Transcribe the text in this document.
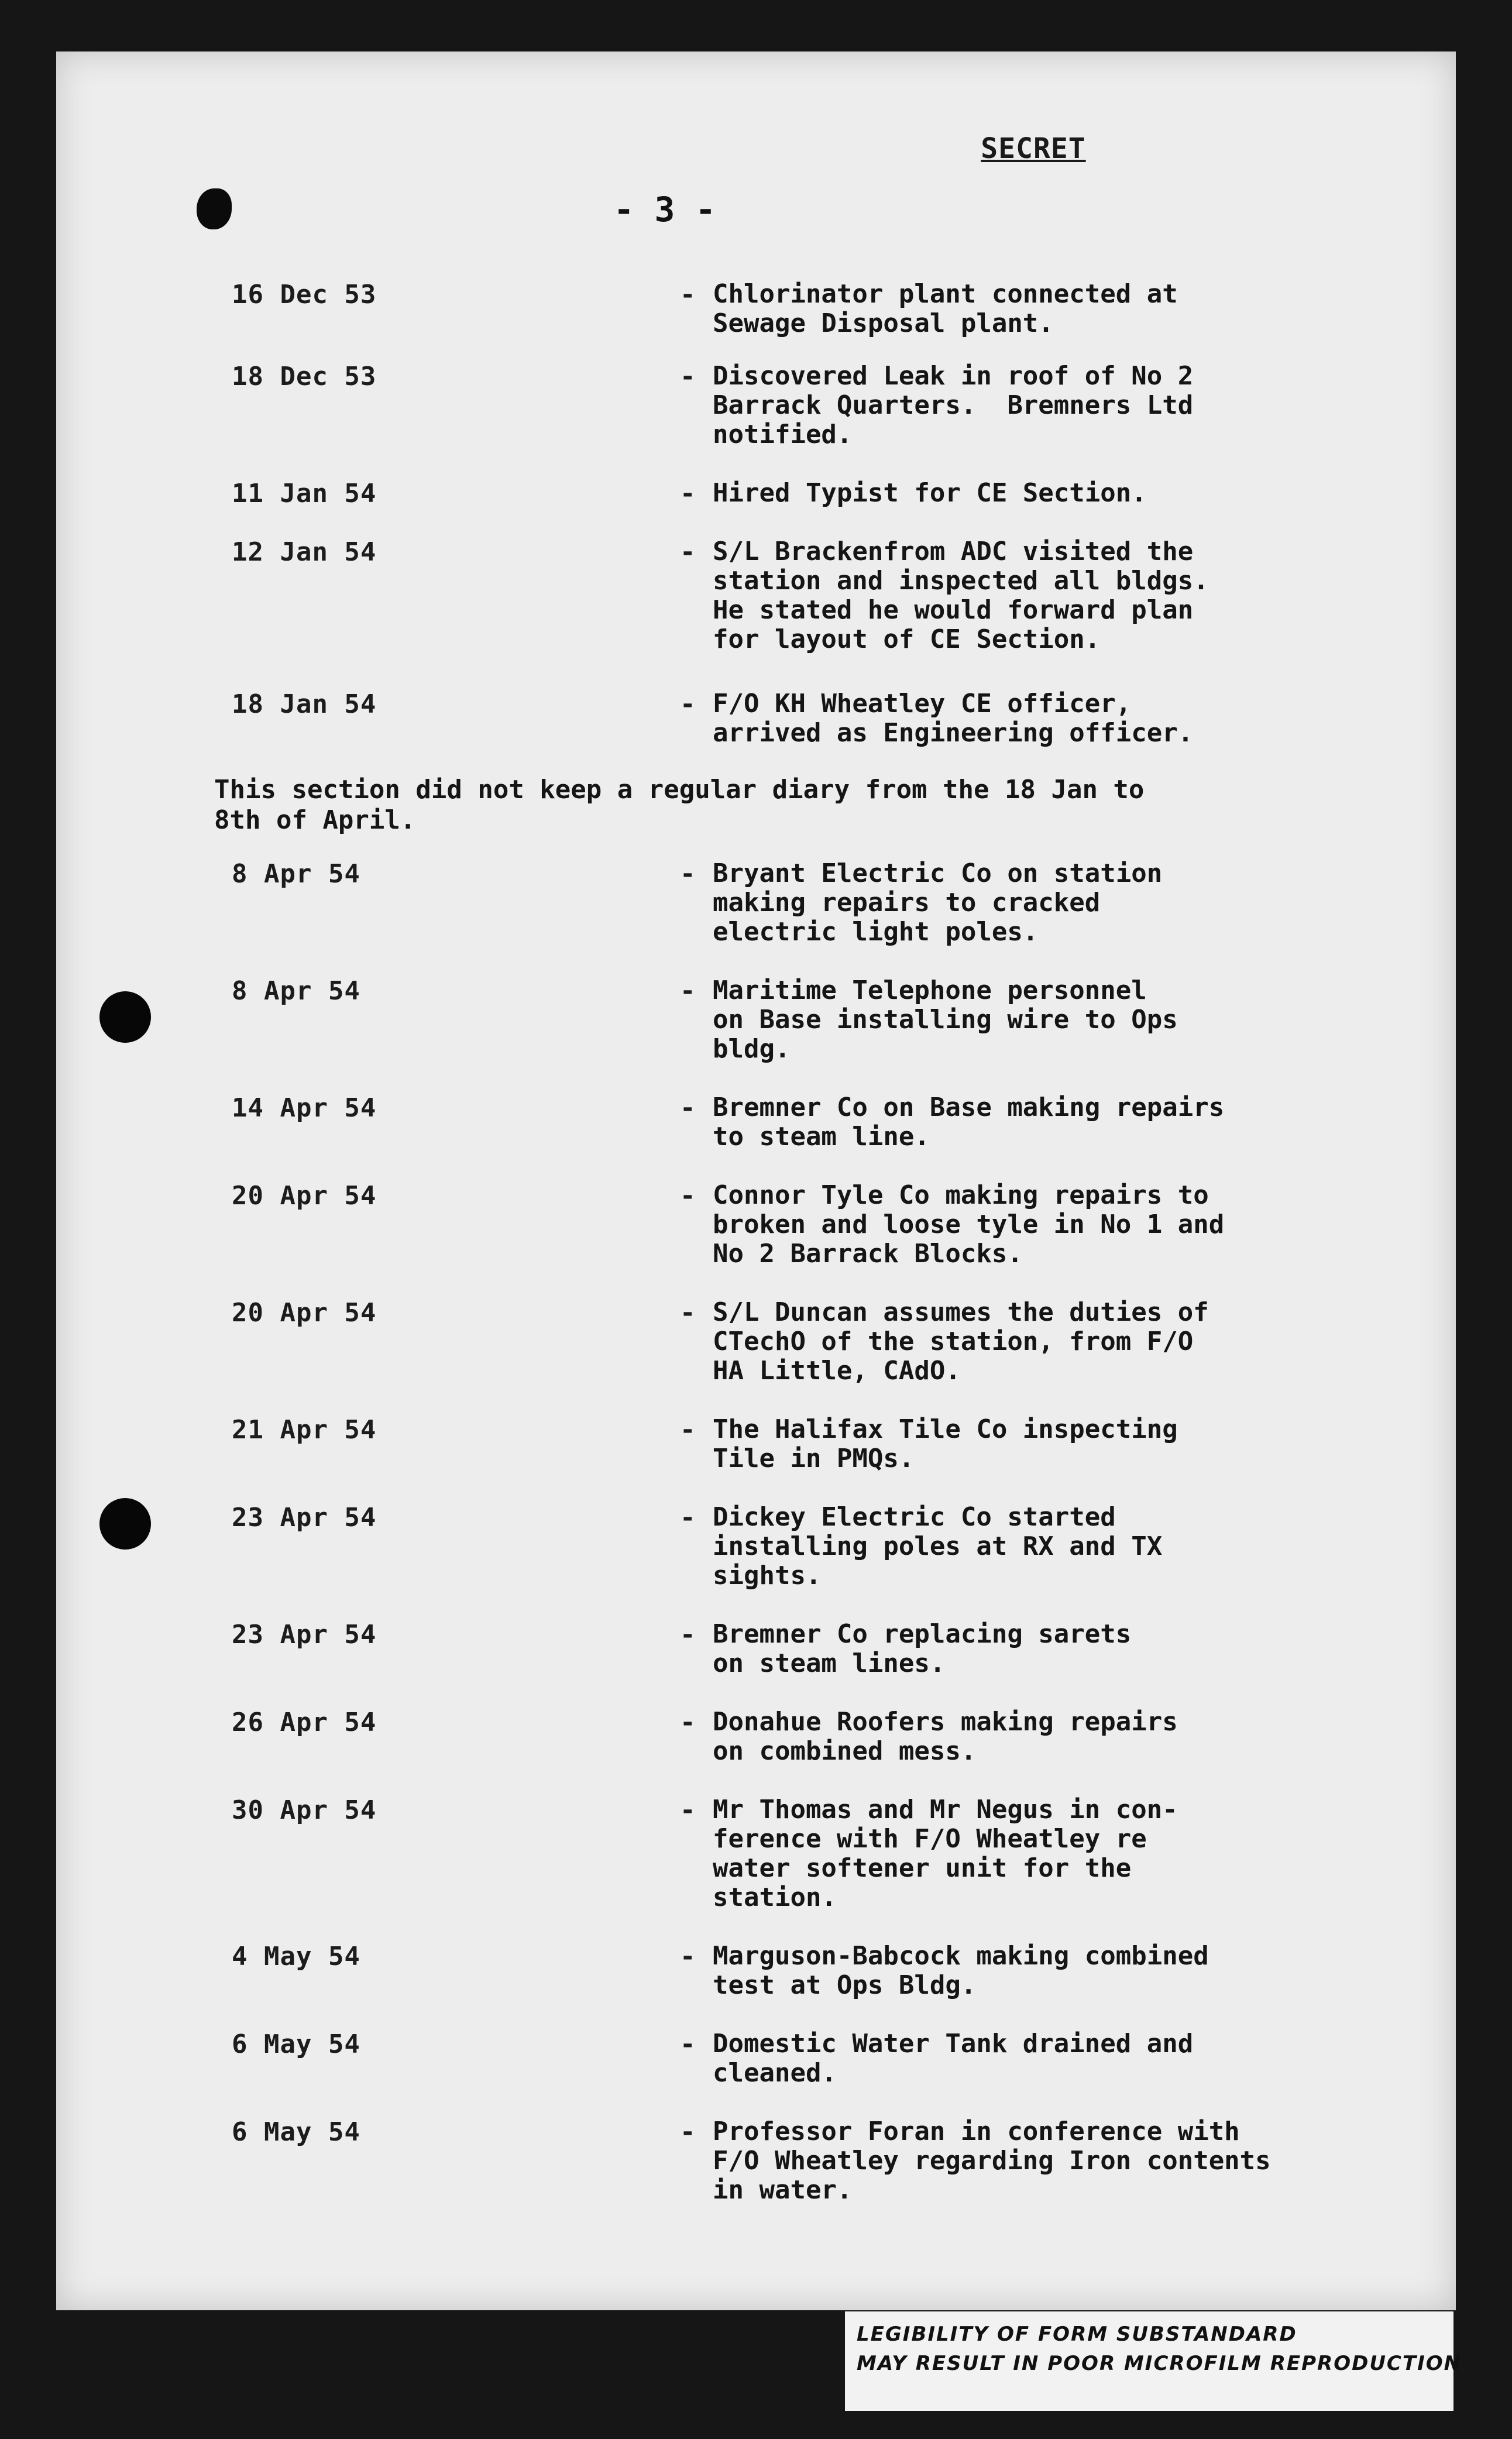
SECRET
- 3 -
16 Dec 53	- Chlorinator plant connected at
Sewage Disposal plant.
18 Dec 53	- Discovered Leak in roof of No 2
Barrack Quarters.  Bremners Ltd
notified.
11 Jan 54	- Hired Typist for CE Section.
12 Jan 54	- S/L Brackenfrom ADC visited the
station and inspected all bldgs.
He stated he would forward plan
for layout of CE Section.
18 Jan 54	- F/O KH Wheatley CE officer,
arrived as Engineering officer.
This section did not keep a regular diary from the 18 Jan to
8th of April.
8 Apr 54	- Bryant Electric Co on station
making repairs to cracked
electric light poles.
8 Apr 54	- Maritime Telephone personnel
on Base installing wire to Ops
bldg.
14 Apr 54	- Bremner Co on Base making repairs
to steam line.
20 Apr 54	- Connor Tyle Co making repairs to
broken and loose tyle in No 1 and
No 2 Barrack Blocks.
20 Apr 54	- S/L Duncan assumes the duties of
CTechO of the station, from F/O
HA Little, CAdO.
21 Apr 54	- The Halifax Tile Co inspecting
Tile in PMQs.
23 Apr 54	- Dickey Electric Co started
installing poles at RX and TX
sights.
23 Apr 54	- Bremner Co replacing sarets
on steam lines.
26 Apr 54	- Donahue Roofers making repairs
on combined mess.
30 Apr 54	- Mr Thomas and Mr Negus in con-
ference with F/O Wheatley re
water softener unit for the
station.
4 May 54	- Marguson-Babcock making combined
test at Ops Bldg.
6 May 54	- Domestic Water Tank drained and
cleaned.
6 May 54	- Professor Foran in conference with
F/O Wheatley regarding Iron contents
in water.
LEGIBILITY OF FORM SUBSTANDARD
MAY RESULT IN POOR MICROFILM REPRODUCTION
